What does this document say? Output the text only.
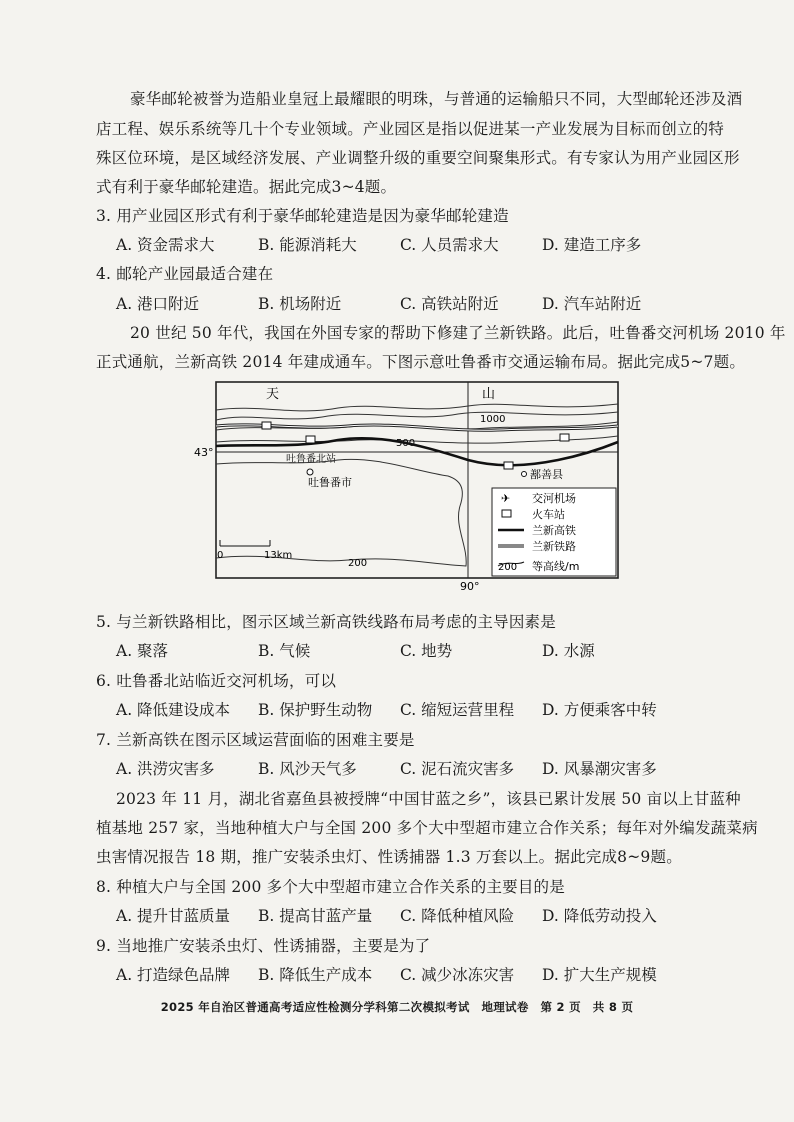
豪华邮轮被誉为造船业皇冠上最耀眼的明珠，与普通的运输船只不同，大型邮轮还涉及酒
店工程、娱乐系统等几十个专业领域。产业园区是指以促进某一产业发展为目标而创立的特
殊区位环境，是区域经济发展、产业调整升级的重要空间聚集形式。有专家认为用产业园区形
式有利于豪华邮轮建造。据此完成3~4题。
3. 用产业园区形式有利于豪华邮轮建造是因为豪华邮轮建造
A. 资金需求大	B. 能源消耗大	C. 人员需求大	D. 建造工序多
4. 邮轮产业园最适合建在
A. 港口附近	B. 机场附近	C. 高铁站附近	D. 汽车站附近
20 世纪 50 年代，我国在外国专家的帮助下修建了兰新铁路。此后，吐鲁番交河机场 2010 年
正式通航，兰新高铁 2014 年建成通车。下图示意吐鲁番市交通运输布局。据此完成5~7题。
天	山
43°
90°
1000
500
吐鲁番北站
吐鲁番市
鄯善县
200
0	13km
✈ 交河机场
火车站
兰新高铁
兰新铁路
200 等高线/m
5. 与兰新铁路相比，图示区域兰新高铁线路布局考虑的主导因素是
A. 聚落	B. 气候	C. 地势	D. 水源
6. 吐鲁番北站临近交河机场，可以
A. 降低建设成本 B. 保护野生动物 C. 缩短运营里程 D. 方便乘客中转
7. 兰新高铁在图示区域运营面临的困难主要是
A. 洪涝灾害多	B. 风沙天气多	C. 泥石流灾害多 D. 风暴潮灾害多
2023 年 11 月，湖北省嘉鱼县被授牌“中国甘蓝之乡”，该县已累计发展 50 亩以上甘蓝种
植基地 257 家，当地种植大户与全国 200 多个大中型超市建立合作关系；每年对外编发蔬菜病
虫害情况报告 18 期，推广安装杀虫灯、性诱捕器 1.3 万套以上。据此完成8~9题。
8. 种植大户与全国 200 多个大中型超市建立合作关系的主要目的是
A. 提升甘蓝质量 B. 提高甘蓝产量 C. 降低种植风险 D. 降低劳动投入
9. 当地推广安装杀虫灯、性诱捕器，主要是为了
A. 打造绿色品牌 B. 降低生产成本 C. 减少冰冻灾害 D. 扩大生产规模
2025 年自治区普通高考适应性检测分学科第二次模拟考试　地理试卷　第 2 页　共 8 页
